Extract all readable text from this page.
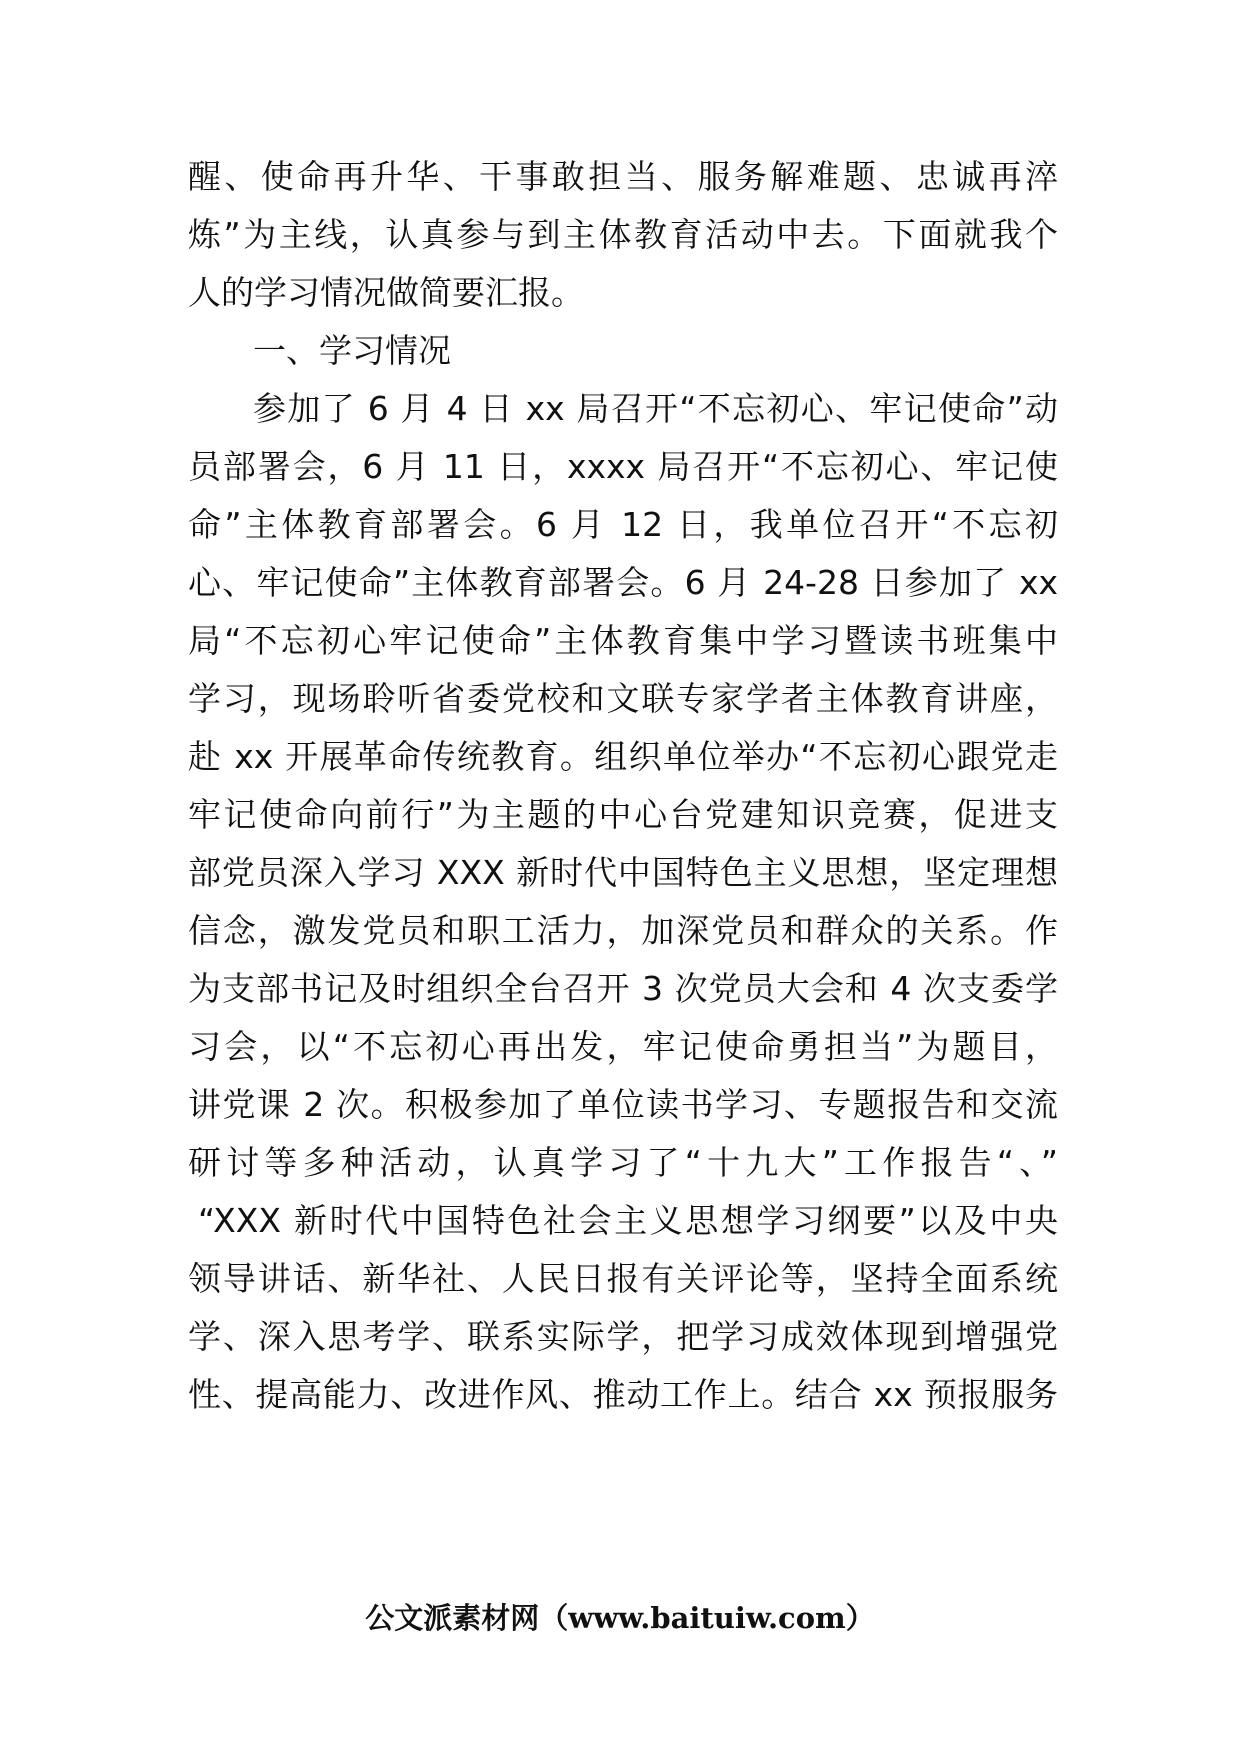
醒、使命再升华、干事敢担当、服务解难题、忠诚再淬
炼”为主线，认真参与到主体教育活动中去。下面就我个
人的学习情况做简要汇报。
一、学习情况
参加了 6 月 4 日 xx 局召开“不忘初心、牢记使命”动
员部署会，6 月 11 日，xxxx 局召开“不忘初心、牢记使
命”主体教育部署会。6 月 12 日，我单位召开“不忘初
心、牢记使命”主体教育部署会。6 月 24-28 日参加了 xx
局“不忘初心牢记使命”主体教育集中学习暨读书班集中
学习，现场聆听省委党校和文联专家学者主体教育讲座，
赴 xx 开展革命传统教育。组织单位举办“不忘初心跟党走
牢记使命向前行”为主题的中心台党建知识竞赛，促进支
部党员深入学习 XXX 新时代中国特色主义思想，坚定理想
信念，激发党员和职工活力，加深党员和群众的关系。作
为支部书记及时组织全台召开 3 次党员大会和 4 次支委学
习会，以“不忘初心再出发，牢记使命勇担当”为题目，
讲党课 2 次。积极参加了单位读书学习、专题报告和交流
研讨等多种活动，认真学习了“十九大”工作报告“、”
“XXX 新时代中国特色社会主义思想学习纲要”以及中央
领导讲话、新华社、人民日报有关评论等，坚持全面系统
学、深入思考学、联系实际学，把学习成效体现到增强党
性、提高能力、改进作风、推动工作上。结合 xx 预报服务
公文派素材网（www.baituiw.com）
